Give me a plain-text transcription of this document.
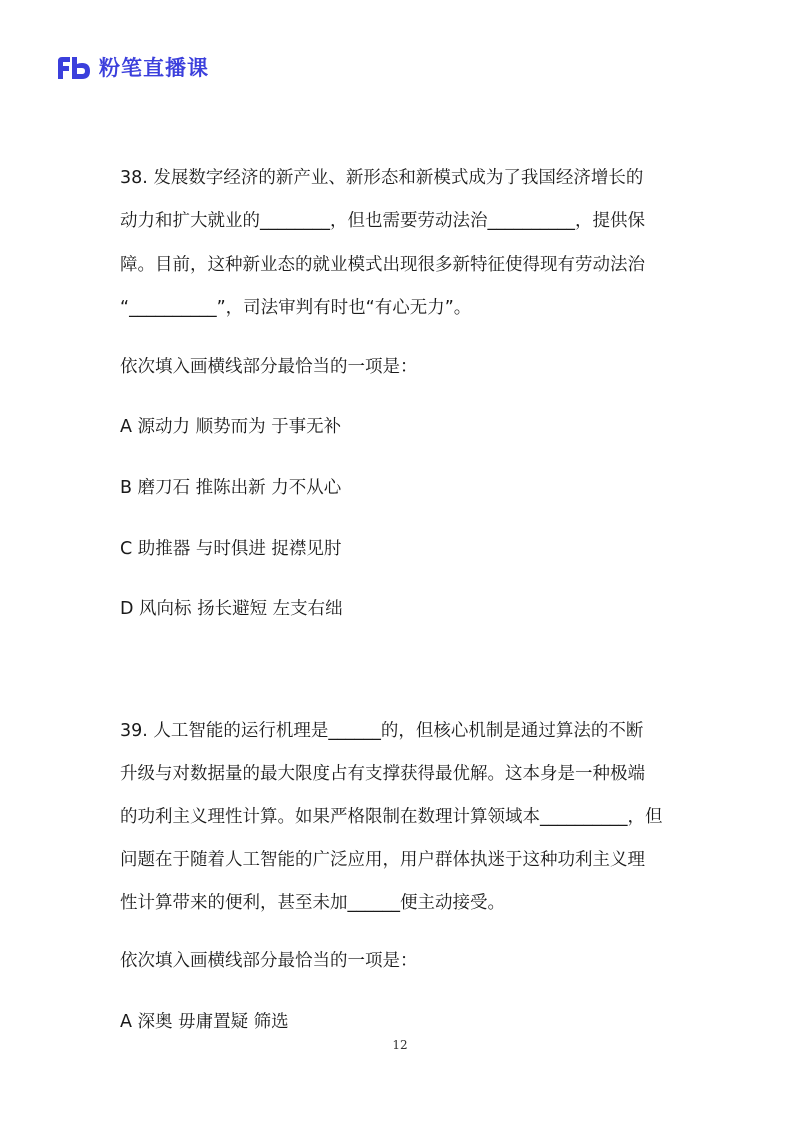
粉笔直播课
38. 发展数字经济的新产业、新形态和新模式成为了我国经济增长的
动力和扩大就业的________，但也需要劳动法治__________，提供保
障。目前，这种新业态的就业模式出现很多新特征使得现有劳动法治
“__________”，司法审判有时也“有心无力”。
依次填入画横线部分最恰当的一项是：
A 源动力 顺势而为 于事无补
B 磨刀石 推陈出新 力不从心
C 助推器 与时俱进 捉襟见肘
D 风向标 扬长避短 左支右绌
39. 人工智能的运行机理是______的，但核心机制是通过算法的不断
升级与对数据量的最大限度占有支撑获得最优解。这本身是一种极端
的功利主义理性计算。如果严格限制在数理计算领域本__________，但
问题在于随着人工智能的广泛应用，用户群体执迷于这种功利主义理
性计算带来的便利，甚至未加______便主动接受。
依次填入画横线部分最恰当的一项是：
A 深奥 毋庸置疑 筛选
12
